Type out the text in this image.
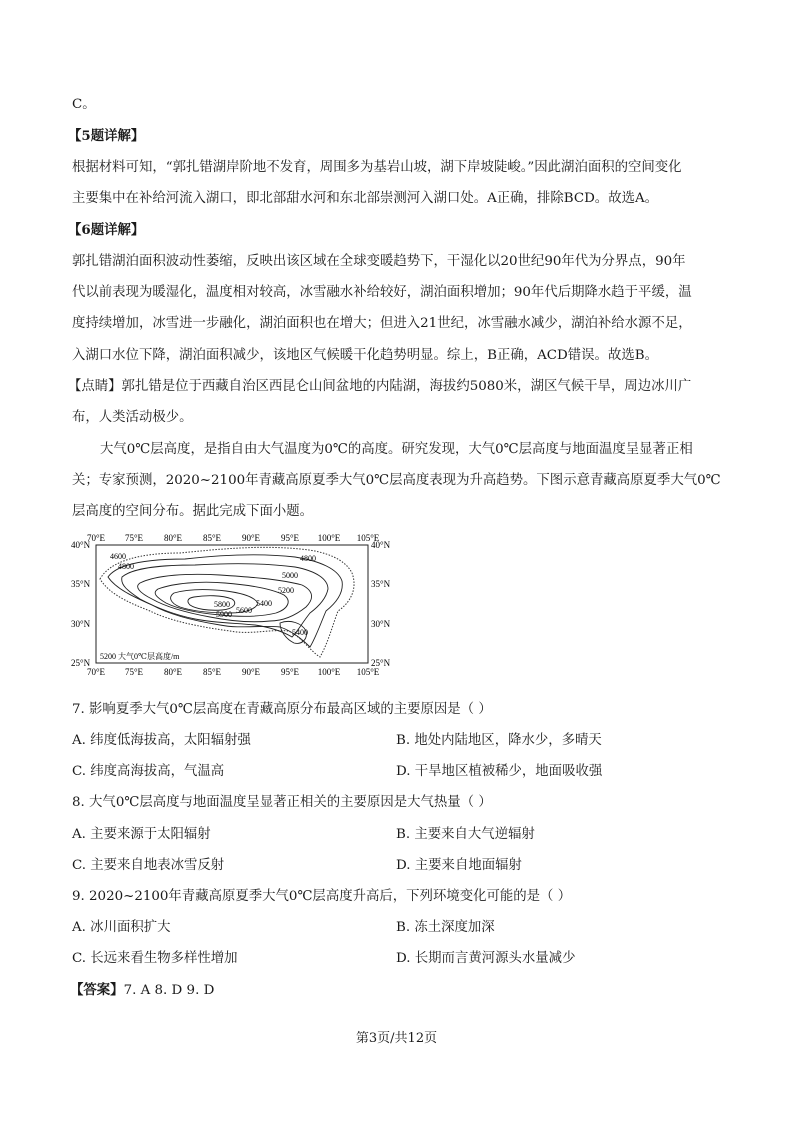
C。
【5题详解】
根据材料可知，“郭扎错湖岸阶地不发育，周围多为基岩山坡，湖下岸坡陡峻。”因此湖泊面积的空间变化
主要集中在补给河流入湖口，即北部甜水河和东北部崇测河入湖口处。A正确，排除BCD。故选A。
【6题详解】
郭扎错湖泊面积波动性萎缩，反映出该区域在全球变暖趋势下，干湿化以20世纪90年代为分界点，90年
代以前表现为暖湿化，温度相对较高，冰雪融水补给较好，湖泊面积增加；90年代后期降水趋于平缓，温
度持续增加，冰雪进一步融化，湖泊面积也在增大；但进入21世纪，冰雪融水减少，湖泊补给水源不足，
入湖口水位下降，湖泊面积减少，该地区气候暖干化趋势明显。综上，B正确，ACD错误。故选B。
【点睛】郭扎错是位于西藏自治区西昆仑山间盆地的内陆湖，海拔约5080米，湖区气候干旱，周边冰川广
布，人类活动极少。
大气0℃层高度，是指自由大气温度为0℃的高度。研究发现，大气0℃层高度与地面温度呈显著正相
关；专家预测，2020~2100年青藏高原夏季大气0℃层高度表现为升高趋势。下图示意青藏高原夏季大气0℃
层高度的空间分布。据此完成下面小题。
70°E 75°E 80°E 85°E 90°E 95°E 100°E 105°E
70°E 75°E 80°E 85°E 90°E 95°E 100°E 105°E
40°N
35°N
30°N
25°N
40°N
35°N
30°N
25°N
4600
4800
4800
5000
5200
5400
5600
5800
5900
5400
5200 大气0℃层高度/m
7. 影响夏季大气0℃层高度在青藏高原分布最高区域的主要原因是（ ）
A. 纬度低海拔高，太阳辐射强	B. 地处内陆地区，降水少，多晴天
C. 纬度高海拔高，气温高	D. 干旱地区植被稀少，地面吸收强
8. 大气0℃层高度与地面温度呈显著正相关的主要原因是大气热量（ ）
A. 主要来源于太阳辐射	B. 主要来自大气逆辐射
C. 主要来自地表冰雪反射	D. 主要来自地面辐射
9. 2020~2100年青藏高原夏季大气0℃层高度升高后，下列环境变化可能的是（ ）
A. 冰川面积扩大	B. 冻土深度加深
C. 长远来看生物多样性增加	D. 长期而言黄河源头水量减少
【答案】7. A 8. D 9. D
第3页/共12页
